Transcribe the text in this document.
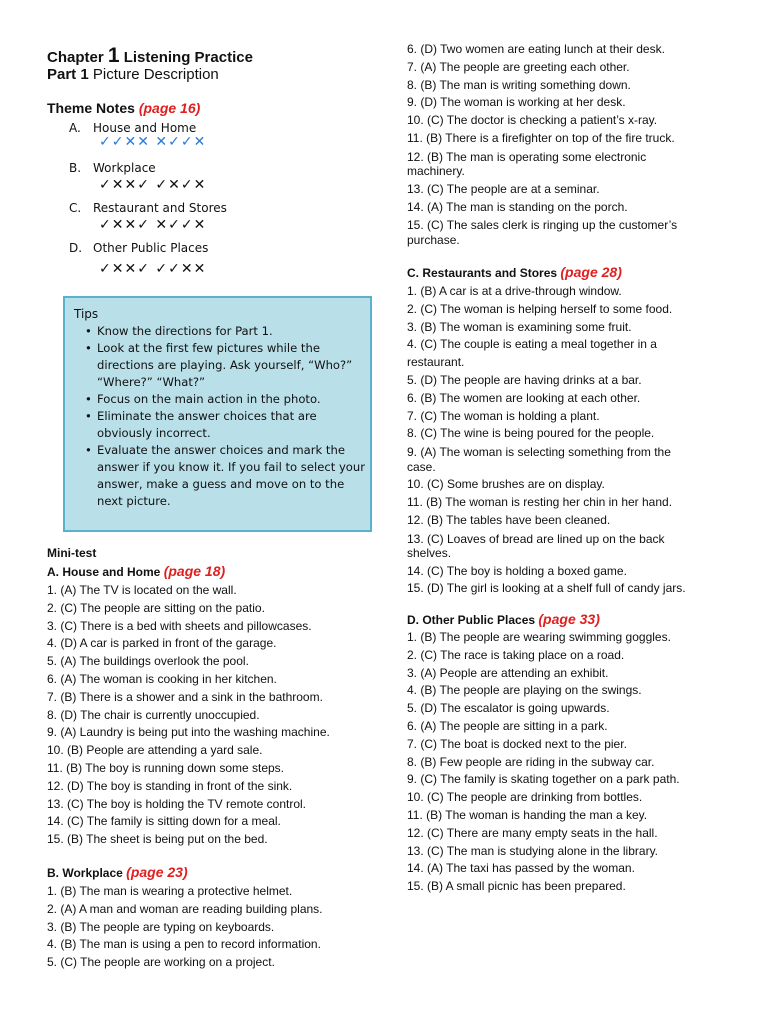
Chapter 1 Listening Practice
Part 1 Picture Description
Theme Notes (page 16)
A. House and Home
✓✓✕✕ ✕✓✓✕
B. Workplace
✓✕✕✓ ✓✕✓✕
C. Restaurant and Stores
✓✕✕✓ ✕✓✓✕
D. Other Public Places
✓✕✕✓ ✓✓✕✕
Tips
• Know the directions for Part 1.
• Look at the first few pictures while the directions are playing. Ask yourself, “Who?” “Where?” “What?”
• Focus on the main action in the photo.
• Eliminate the answer choices that are obviously incorrect.
• Evaluate the answer choices and mark the answer if you know it. If you fail to select your answer, make a guess and move on to the next picture.
Mini-test
A. House and Home (page 18)
1. (A) The TV is located on the wall.
2. (C) The people are sitting on the patio.
3. (C) There is a bed with sheets and pillowcases.
4. (D) A car is parked in front of the garage.
5. (A) The buildings overlook the pool.
6. (A) The woman is cooking in her kitchen.
7. (B) There is a shower and a sink in the bathroom.
8. (D) The chair is currently unoccupied.
9. (A) Laundry is being put into the washing machine.
10. (B) People are attending a yard sale.
11. (B) The boy is running down some steps.
12. (D) The boy is standing in front of the sink.
13. (C) The boy is holding the TV remote control.
14. (C) The family is sitting down for a meal.
15. (B) The sheet is being put on the bed.
B. Workplace (page 23)
1. (B) The man is wearing a protective helmet.
2. (A) A man and woman are reading building plans.
3. (B) The people are typing on keyboards.
4. (B) The man is using a pen to record information.
5. (C) The people are working on a project.
6. (D) Two women are eating lunch at their desk.
7. (A) The people are greeting each other.
8. (B) The man is writing something down.
9. (D) The woman is working at her desk.
10. (C) The doctor is checking a patient’s x-ray.
11. (B) There is a firefighter on top of the fire truck.
12. (B) The man is operating some electronic machinery.
13. (C) The people are at a seminar.
14. (A) The man is standing on the porch.
15. (C) The sales clerk is ringing up the customer’s purchase.
C. Restaurants and Stores (page 28)
1. (B) A car is at a drive-through window.
2. (C) The woman is helping herself to some food.
3. (B) The woman is examining some fruit.
4. (C) The couple is eating a meal together in a restaurant.
5. (D) The people are having drinks at a bar.
6. (B) The women are looking at each other.
7. (C) The woman is holding a plant.
8. (C) The wine is being poured for the people.
9. (A) The woman is selecting something from the case.
10. (C) Some brushes are on display.
11. (B) The woman is resting her chin in her hand.
12. (B) The tables have been cleaned.
13. (C) Loaves of bread are lined up on the back shelves.
14. (C) The boy is holding a boxed game.
15. (D) The girl is looking at a shelf full of candy jars.
D. Other Public Places (page 33)
1. (B) The people are wearing swimming goggles.
2. (C) The race is taking place on a road.
3. (A) People are attending an exhibit.
4. (B) The people are playing on the swings.
5. (D) The escalator is going upwards.
6. (A) The people are sitting in a park.
7. (C) The boat is docked next to the pier.
8. (B) Few people are riding in the subway car.
9. (C) The family is skating together on a park path.
10. (C) The people are drinking from bottles.
11. (B) The woman is handing the man a key.
12. (C) There are many empty seats in the hall.
13. (C) The man is studying alone in the library.
14. (A) The taxi has passed by the woman.
15. (B) A small picnic has been prepared.
